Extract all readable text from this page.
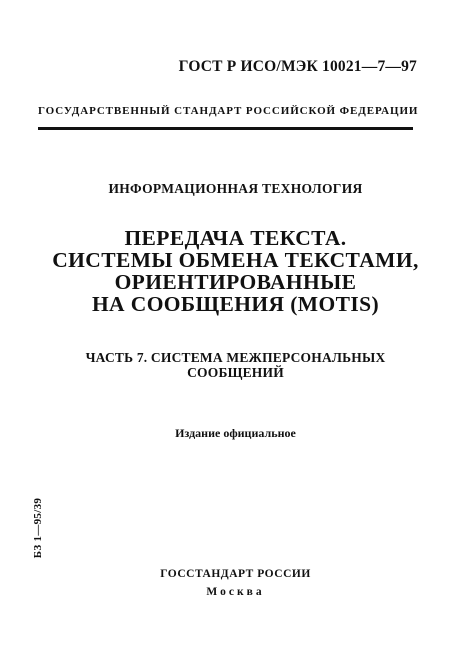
ГОСТ Р ИСО/МЭК 10021—7—97
ГОСУДАРСТВЕННЫЙ СТАНДАРТ РОССИЙСКОЙ ФЕДЕРАЦИИ
ИНФОРМАЦИОННАЯ ТЕХНОЛОГИЯ
ПЕРЕДАЧА ТЕКСТА.
СИСТЕМЫ ОБМЕНА ТЕКСТАМИ,
ОРИЕНТИРОВАННЫЕ
НА СООБЩЕНИЯ (MOTIS)
ЧАСТЬ 7. СИСТЕМА МЕЖПЕРСОНАЛЬНЫХ
СООБЩЕНИЙ
Издание официальное
БЗ 1—95/39
ГОССТАНДАРТ РОССИИ
Москва
